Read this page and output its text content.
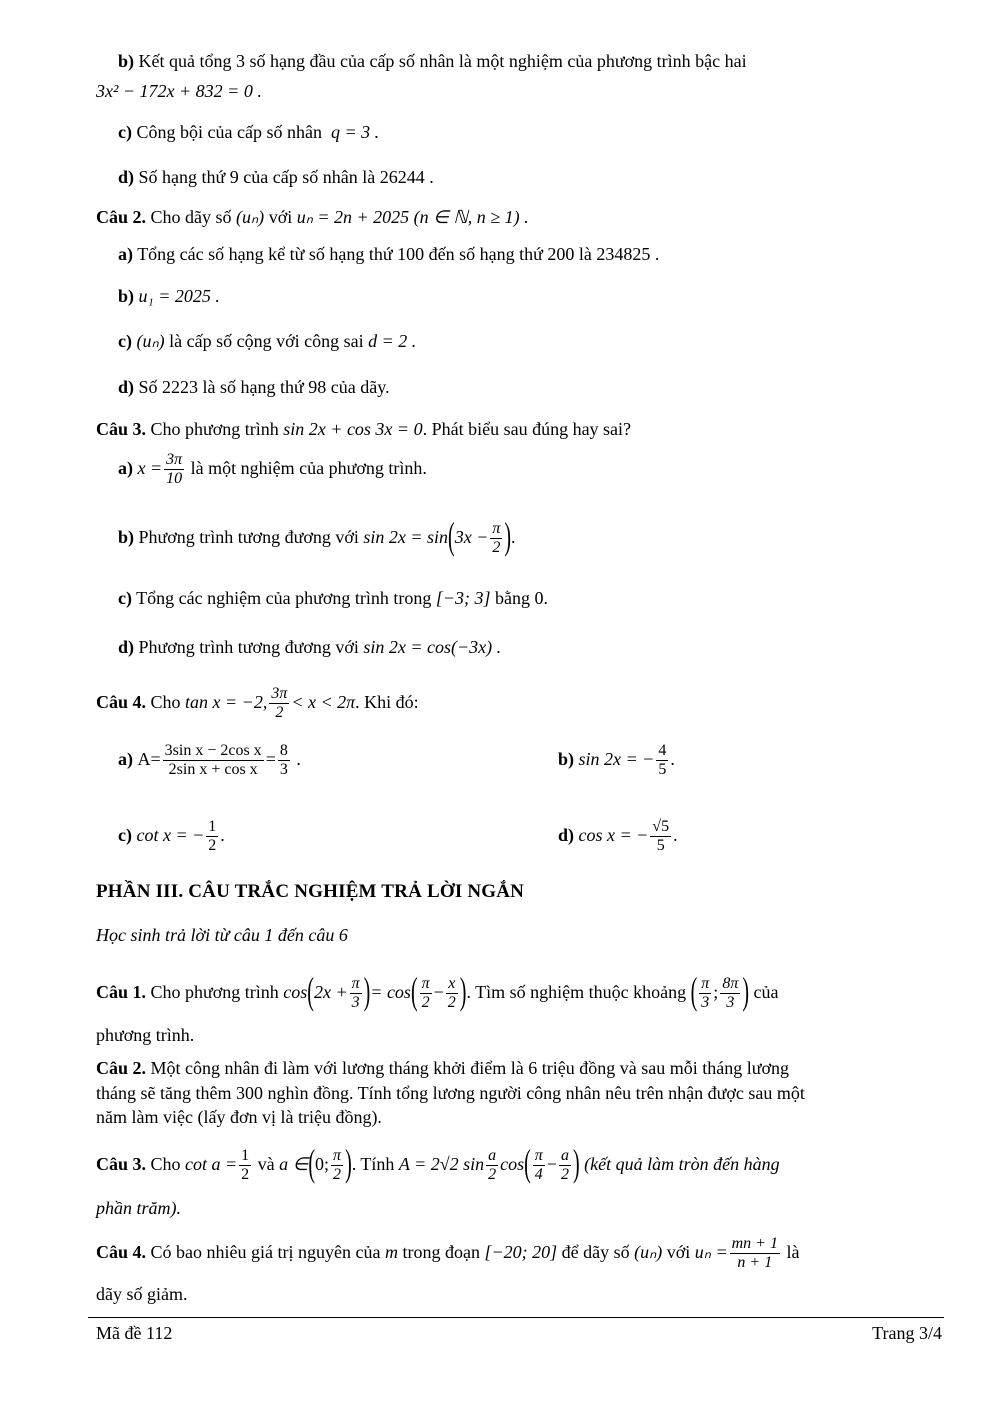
b) Kết quả tổng 3 số hạng đầu của cấp số nhân là một nghiệm của phương trình bậc hai
3x² − 172x + 832 = 0 .
c) Công bội của cấp số nhân q = 3 .
d) Số hạng thứ 9 của cấp số nhân là 26244 .
Câu 2. Cho dãy số (uₙ) với uₙ = 2n + 2025 (n ∈ ℕ, n ≥ 1) .
a) Tổng các số hạng kể từ số hạng thứ 100 đến số hạng thứ 200 là 234825 .
b) u₁ = 2025 .
c) (uₙ) là cấp số cộng với công sai d = 2 .
d) Số 2223 là số hạng thứ 98 của dãy.
Câu 3. Cho phương trình sin 2x + cos 3x = 0. Phát biểu sau đúng hay sai?
a) $x = \frac{3\pi}{10}$ là một nghiệm của phương trình.
b) Phương trình tương đương với $\sin 2x = \sin(3x - \frac{\pi}{2}$ ).
c) Tổng các nghiệm của phương trình trong [−3; 3] bằng 0.
d) Phương trình tương đương với sin 2x = cos(−3x) .
Câu 4. Cho tan x = −2, $\frac{3\pi}{2} < x < 2\pi$. Khi đó:
a) $A= \frac{\text{3sin x − 2cos x}}{\text{2sin x + cos x}} = \frac{8}{3}$ .	b) sin 2x = − $\frac{4}{5}$ .
c) cot x = − $\frac{1}{2}$ .	d) cos x = − $\frac{√5}{5}$ .
PHẦN III. CÂU TRẮC NGHIỆM TRẢ LỜI NGẮN
Học sinh trả lời từ câu 1 đến câu 6
Câu 1. Cho phương trình $\cos(2x + \frac{\pi}{3}$ )= $\cos( \frac{\pi}{2} - \frac{x}{2}$ ). Tìm số nghiệm thuộc khoảng ( $\frac{\pi}{3}$ ; $\frac{8\pi}{3}$ ) của
phương trình.
Câu 2. Một công nhân đi làm với lương tháng khởi điểm là 6 triệu đồng và sau mỗi tháng lương
tháng sẽ tăng thêm 300 nghìn đồng. Tính tổng lương người công nhân nêu trên nhận được sau một
năm làm việc (lấy đơn vị là triệu đồng).
Câu 3. Cho $\cot a = \frac{1}{2}$ và a ∈(0; $\frac{\pi}{2}$ ). Tính A = 2√2 $\sin \frac{a}{2} \cos( \frac{\pi}{4} - \frac{a}{2}$ ) (kết quả làm tròn đến hàng
phần trăm).
Câu 4. Có bao nhiêu giá trị nguyên của m trong đoạn [−20; 20] để dãy số (uₙ) với $u_n = \frac{mn + 1}{n + 1}$ là
dãy số giảm.
Mã đề 112	Trang 3/4
